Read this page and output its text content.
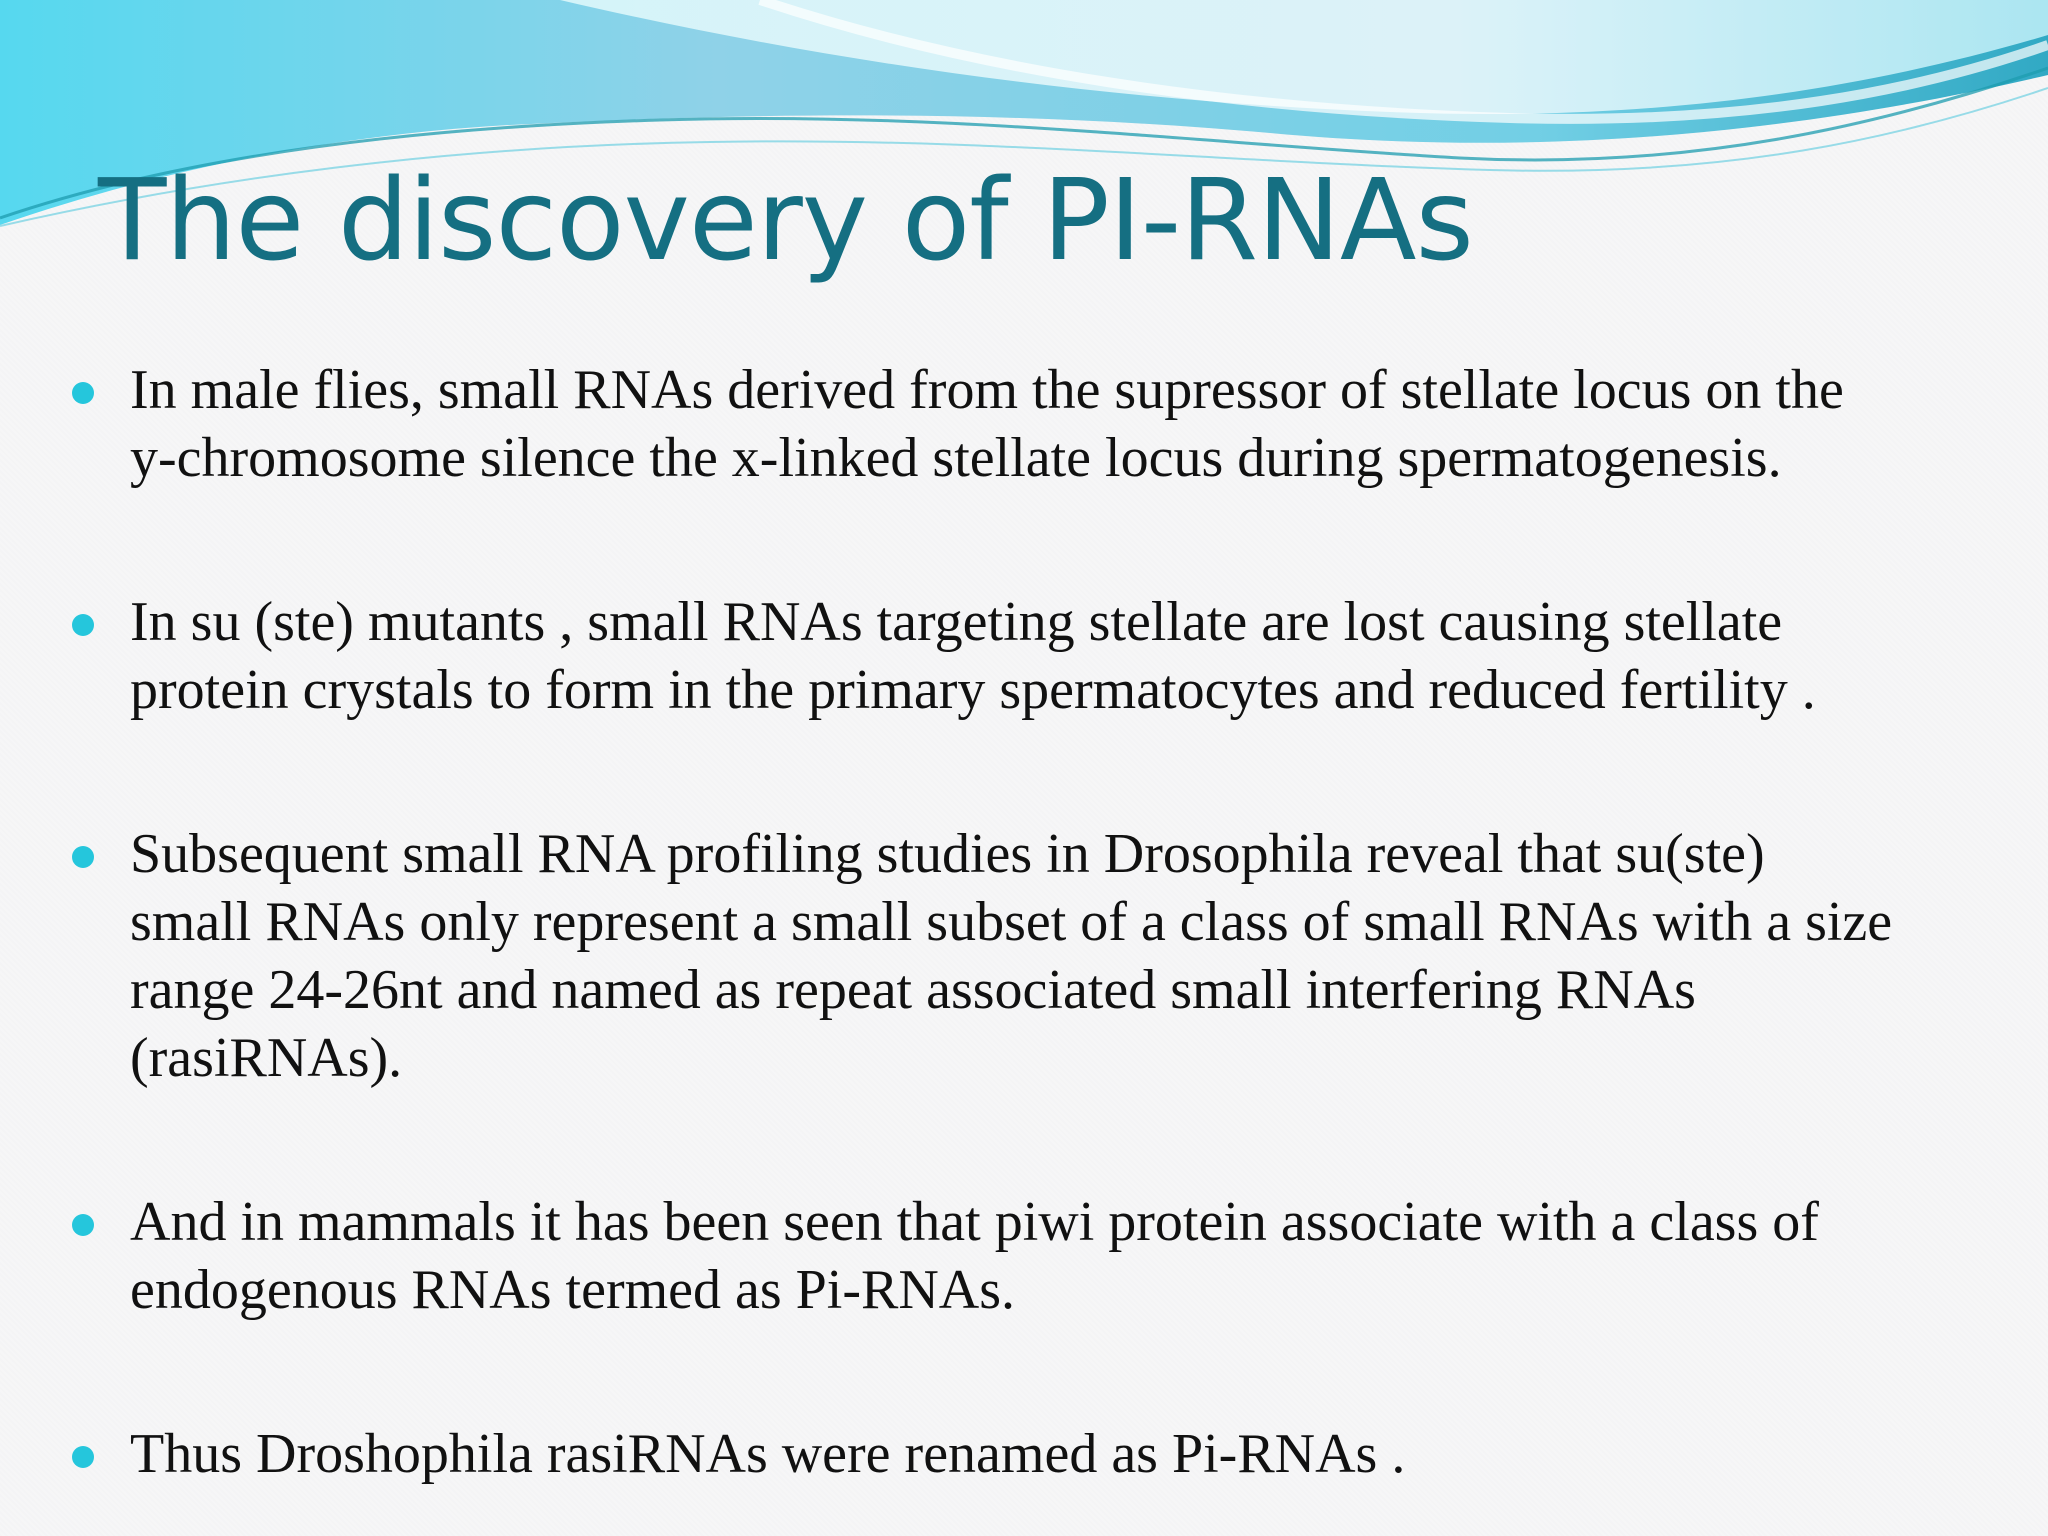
The discovery of PI-RNAs
In male flies, small RNAs derived from the supressor of stellate locus on the
y-chromosome silence the x-linked stellate locus during spermatogenesis.
In su (ste) mutants , small RNAs targeting stellate are lost causing stellate
protein crystals to form in the primary spermatocytes and reduced fertility .
Subsequent small RNA profiling studies in Drosophila reveal that su(ste)
small RNAs only represent a small subset of a class of small RNAs with a size
range 24-26nt and named as repeat associated small interfering RNAs
(rasiRNAs).
And in mammals it has been seen that piwi protein associate with a class of
endogenous RNAs termed as Pi-RNAs.
Thus Droshophila rasiRNAs were renamed as Pi-RNAs .
